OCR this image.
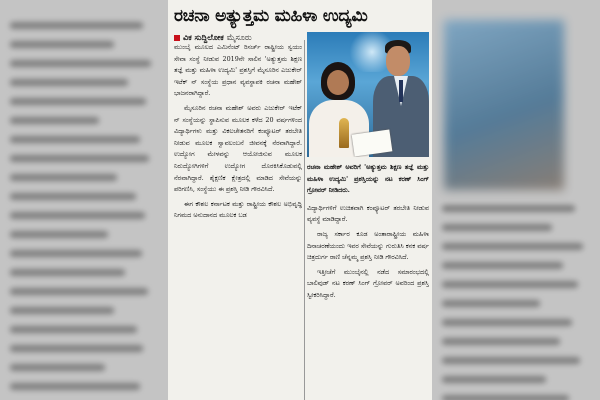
ರಚನಾ ಅತ್ಯುತ್ತಮ ಮಹಿಳಾ ಉದ್ಯಮಿ
ವಿಕ ಸುದ್ದಿಲೋಕ ಮೈಸೂರು

ಮುಂಬೈ ಮೂಲದ ಎಮಿನೆಂಟ್ ರಿಸರ್ಚ್ ರಾಷ್ಟ್ರೀಯ ಸ್ವಯಂ ಸೇವಾ ಸಂಸ್ಥೆ ನೀಡುವ 2019ನೇ ಸಾಲಿನ 'ಅತ್ಯುತ್ತಮ ಶಿಕ್ಷಣ ತಜ್ಞೆ ಮತ್ತು ಮಹಿಳಾ ಉದ್ಯಮಿ' ಪ್ರಶಸ್ತಿಗೆ ಮೈಸೂರಿನ ಎಜುಕೇರ್ ಇಟೆಕ್ ನ್ ಸಂಸ್ಥೆಯ ಪ್ರಧಾನ ವ್ಯವಸ್ಥಾಪಕಿ ರಚನಾ ಮಹೇಶ್ ಭಾಜನರಾಗಿದ್ದಾರೆ.

ಮೈಸೂರಿನ ರಚನಾ ಮಹೇಶ್ ಅವರು ಎಜುಕೇರ್ ಇಟೆಕ್ ನ್ ಸಂಸ್ಥೆಯನ್ನು ಸ್ಥಾಪಿಸುವ ಮೂಲಕ ಕಳೆದ 20 ವರ್ಷಗಳಿಂದ ವಿದ್ಯಾರ್ಥಿಗಳು ಮತ್ತು ವಿಕಲಚೇತನರಿಗೆ ಕಂಪ್ಯೂಟರ್ ತರಬೇತಿ ನೀಡುವ ಮೂಲಕ ಸ್ವಾವಲಂಬನೆ ಜೀವನಕ್ಕೆ ನೆರವಾಗಿದ್ದಾರೆ. ಉದ್ಯೋಗ ಮೇಳವನ್ನು ಆಯೋಜಿಸುವ ಮೂಲಕ ನಿರುದ್ಯೋಗಿಗಳಿಗೆ ಉದ್ಯೋಗ ದೊರಕಿಸಿಕೊಡುವಲ್ಲಿ ನೆರವಾಗಿದ್ದಾರೆ. ಶೈಕ್ಷಣಿಕ ಕ್ಷೇತ್ರದಲ್ಲಿ ಮಾಡಿದ ಸೇವೆಯನ್ನು ಪರಿಗಣಿಸಿ, ಸಂಸ್ಥೆಯು ಈ ಪ್ರಶಸ್ತಿ ನೀಡಿ ಗೌರವಿಸಿದೆ.

ಈಗ ಕೌಶಲ ಕರ್ನಾಟಕ ಮತ್ತು ರಾಷ್ಟ್ರೀಯ ಕೌಶಲ ಅಭಿವೃದ್ಧಿ ನಿಗಮದ ಅನುದಾನದ ಮೂಲಕ ಬಡ

ರಚನಾ ಮಹೇಶ್ ಅವರಿಗೆ 'ಅತ್ಯುತ್ತಮ ಶಿಕ್ಷಣ ತಜ್ಞೆ ಮತ್ತು ಮಹಿಳಾ ಉದ್ಯಮಿ' ಪ್ರಶಸ್ತಿಯನ್ನು ನಟ ಕರಣ್ ಸಿಂಗ್ ಗ್ರೋವರ್ ನೀಡಿದರು.

ವಿದ್ಯಾರ್ಥಿಗಳಿಗೆ ಉಚಿತವಾಗಿ ಕಂಪ್ಯೂಟರ್ ತರಬೇತಿ ನೀಡುವ ವ್ಯವಸ್ಥೆ ಮಾಡಿದ್ದಾರೆ.

ರಾಜ್ಯ ಸರ್ಕಾರ ಕೂಡ ಅಂತಾರಾಷ್ಟ್ರೀಯ ಮಹಿಳಾ ದಿನಾಚರಣೆಯಂದು ಇವರ ಸೇವೆಯನ್ನು ಗುರುತಿಸಿ ಕನಕ ವರ್ಷ ಚಿತ್ರದುರ್ಗ ರಾಣಿ ಚೆನ್ನಮ್ಮ ಪ್ರಶಸ್ತಿ ನೀಡಿ ಗೌರವಿಸಿದೆ.

ಇತ್ತೀಚೆಗೆ ಮುಂಬೈನಲ್ಲಿ ನಡೆದ ಸಮಾರಂಭದಲ್ಲಿ ಬಾಲಿವುಡ್ ನಟ ಕರಣ್ ಸಿಂಗ್ ಗ್ರೋವರ್ ಅವರಿಂದ ಪ್ರಶಸ್ತಿ ಸ್ವೀಕರಿಸಿದ್ದಾರೆ.
